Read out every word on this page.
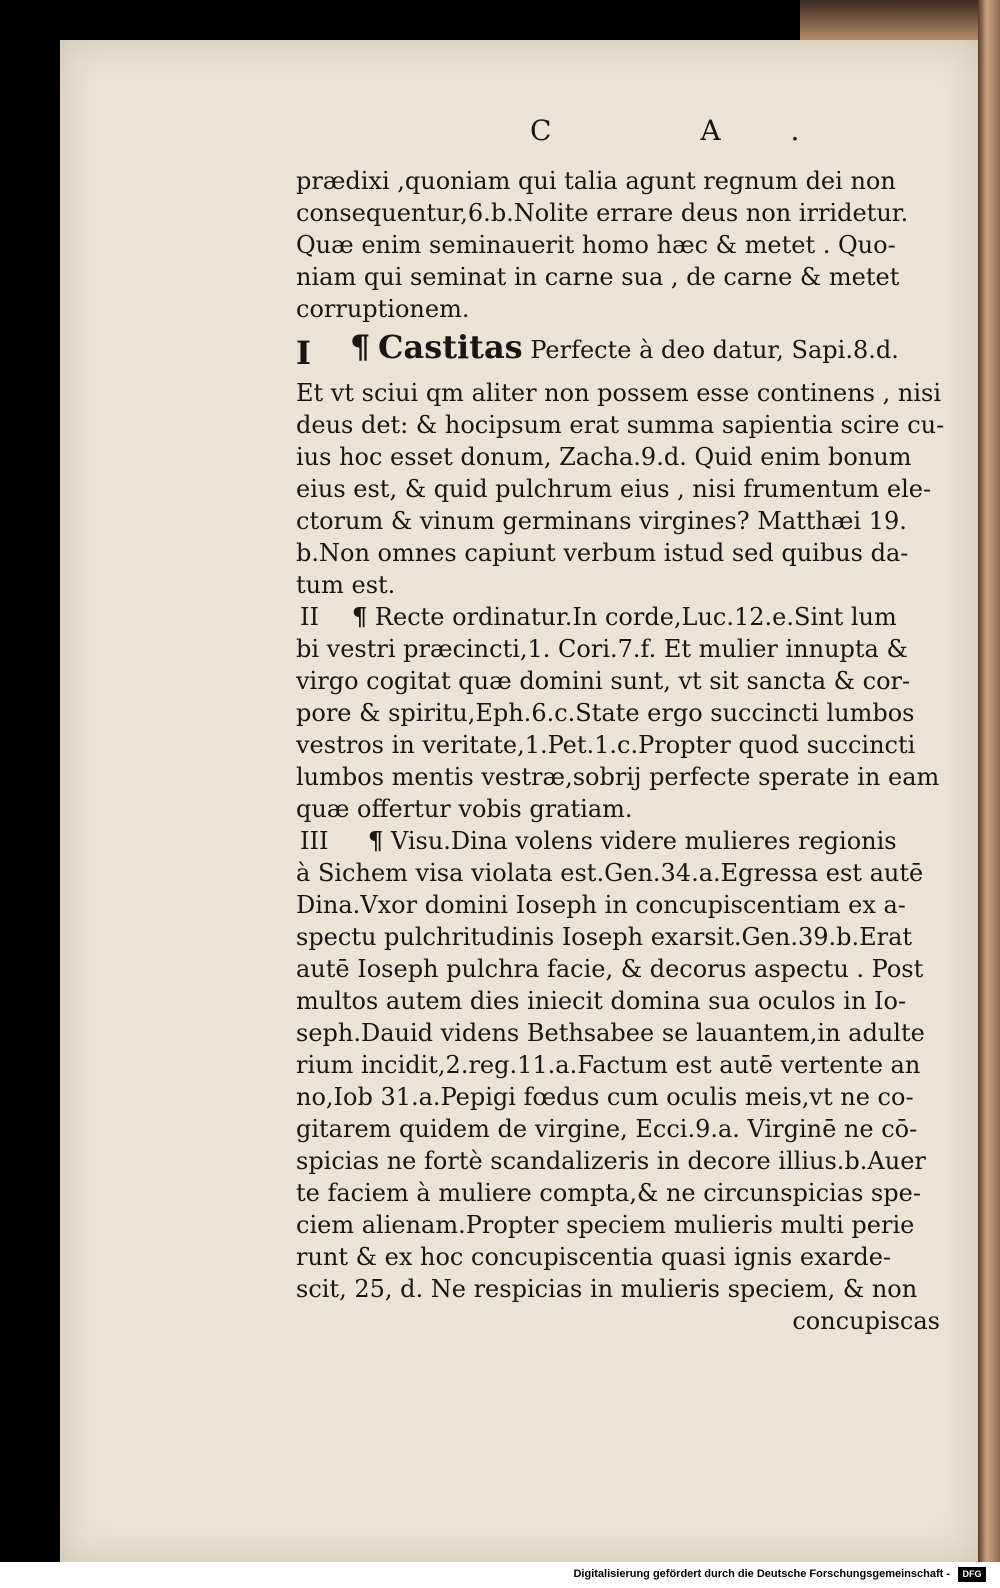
C A.
prædixi ,quoniam qui talia agunt regnum dei non
consequentur,6.b.Nolite errare deus non irridetur.
Quæ enim seminauerit homo hæc & metet . Quo-
niam qui seminat in carne sua , de carne & metet
corruptionem.
I ¶ Castitas Perfecte à deo datur, Sapi.8.d.
Et vt sciui qm aliter non possem esse continens , nisi
deus det: & hocipsum erat summa sapientia scire cu-
ius hoc esset donum, Zacha.9.d. Quid enim bonum
eius est, & quid pulchrum eius , nisi frumentum ele-
ctorum & vinum germinans virgines? Matthæi 19.
b.Non omnes capiunt verbum istud sed quibus da-
tum est.
II ¶ Recte ordinatur.In corde,Luc.12.e.Sint lum
bi vestri præcincti,1. Cori.7.f. Et mulier innupta &
virgo cogitat quæ domini sunt, vt sit sancta & cor-
pore & spiritu,Eph.6.c.State ergo succincti lumbos
vestros in veritate,1.Pet.1.c.Propter quod succincti
lumbos mentis vestræ,sobrij perfecte sperate in eam
quæ offertur vobis gratiam.
III ¶ Visu.Dina volens videre mulieres regionis
à Sichem visa violata est.Gen.34.a.Egressa est autē
Dina.Vxor domini Ioseph in concupiscentiam ex a-
spectu pulchritudinis Ioseph exarsit.Gen.39.b.Erat
autē Ioseph pulchra facie, & decorus aspectu . Post
multos autem dies iniecit domina sua oculos in Io-
seph.Dauid videns Bethsabee se lauantem,in adulte
rium incidit,2.reg.11.a.Factum est autē vertente an
no,Iob 31.a.Pepigi fœdus cum oculis meis,vt ne co-
gitarem quidem de virgine, Ecci.9.a. Virginē ne cō-
spicias ne fortè scandalizeris in decore illius.b.Auer
te faciem à muliere compta,& ne circunspicias spe-
ciem alienam.Propter speciem mulieris multi perie
runt & ex hoc concupiscentia quasi ignis exarde-
scit, 25, d. Ne respicias in mulieris speciem, & non
concupiscas
Digitalisierung gefördert durch die Deutsche Forschungsgemeinschaft -	DFG
